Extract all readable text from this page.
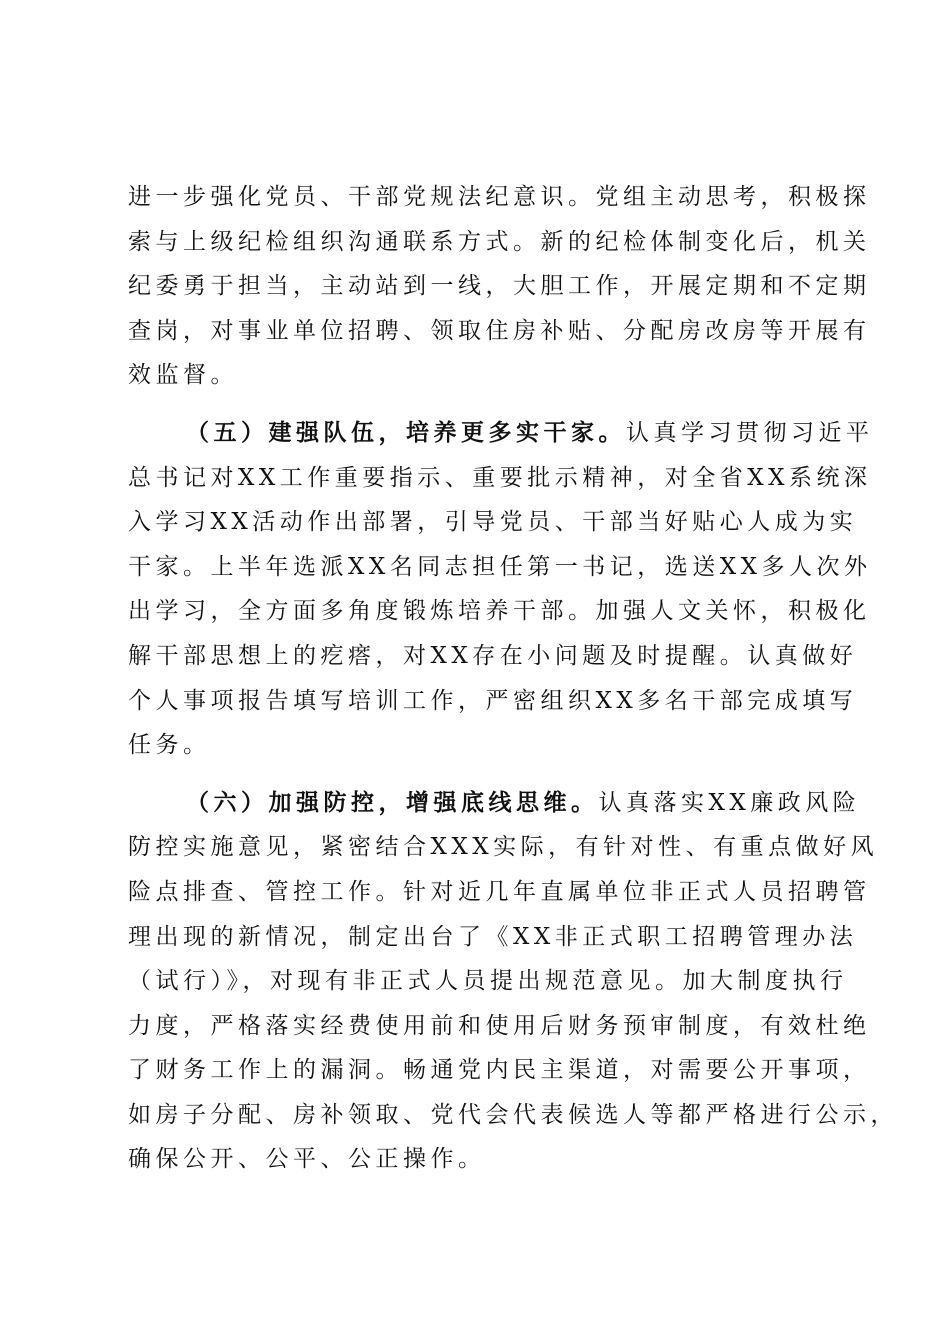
进一步强化党员、干部党规法纪意识。党组主动思考，积极探
索与上级纪检组织沟通联系方式。新的纪检体制变化后，机关
纪委勇于担当，主动站到一线，大胆工作，开展定期和不定期
查岗，对事业单位招聘、领取住房补贴、分配房改房等开展有
效监督。
（五）建强队伍，培养更多实干家。认真学习贯彻习近平
总书记对XX工作重要指示、重要批示精神，对全省XX系统深
入学习XX活动作出部署，引导党员、干部当好贴心人成为实
干家。上半年选派XX名同志担任第一书记，选送XX多人次外
出学习，全方面多角度锻炼培养干部。加强人文关怀，积极化
解干部思想上的疙瘩，对XX存在小问题及时提醒。认真做好
个人事项报告填写培训工作，严密组织XX多名干部完成填写
任务。
（六）加强防控，增强底线思维。认真落实XX廉政风险
防控实施意见，紧密结合XXX实际，有针对性、有重点做好风
险点排查、管控工作。针对近几年直属单位非正式人员招聘管
理出现的新情况，制定出台了《XX非正式职工招聘管理办法
（试行）》，对现有非正式人员提出规范意见。加大制度执行
力度，严格落实经费使用前和使用后财务预审制度，有效杜绝
了财务工作上的漏洞。畅通党内民主渠道，对需要公开事项，
如房子分配、房补领取、党代会代表候选人等都严格进行公示，
确保公开、公平、公正操作。
